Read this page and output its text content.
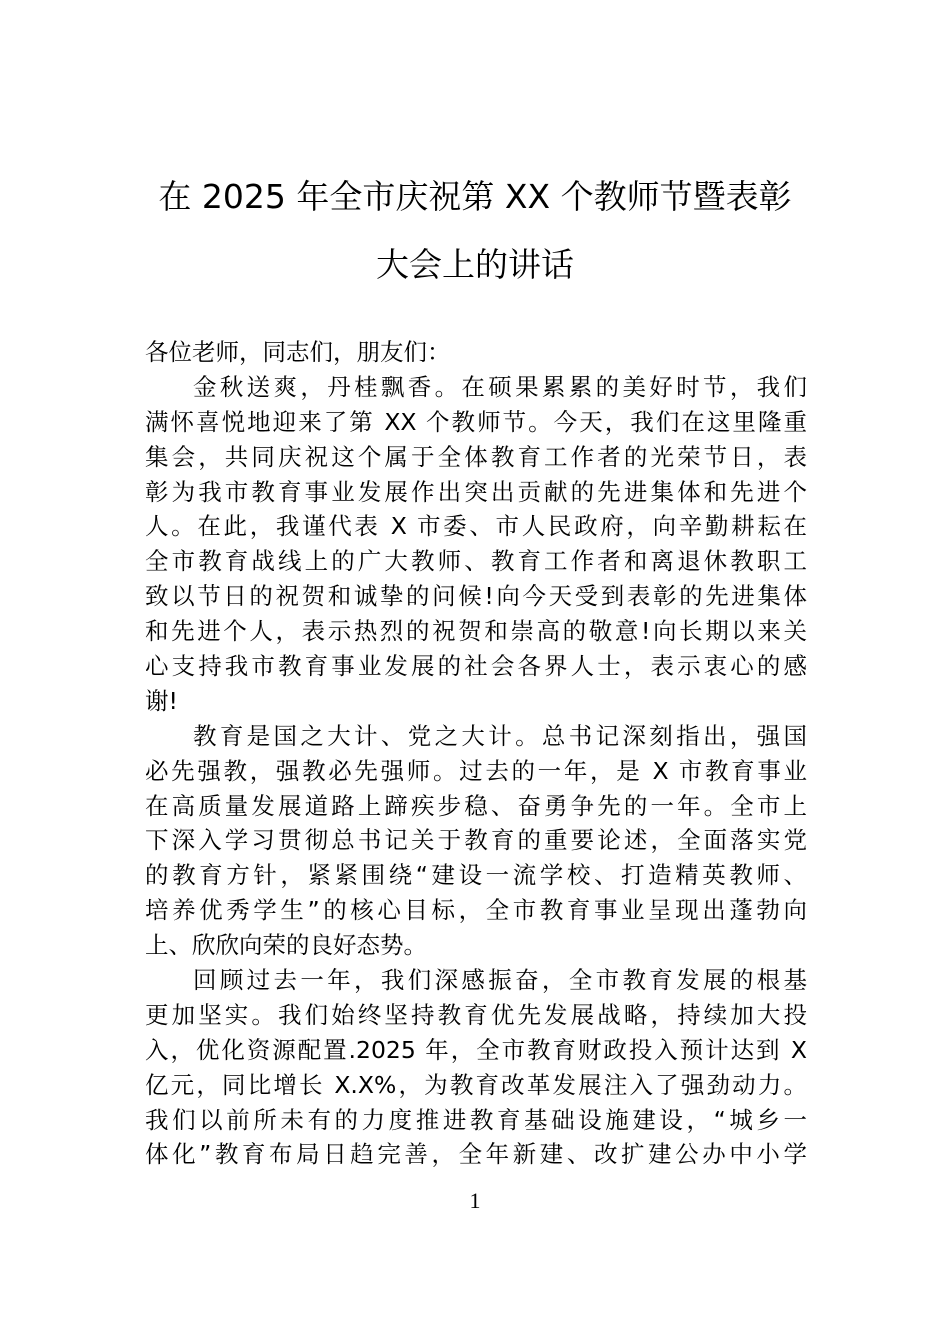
在 2025 年全市庆祝第 XX 个教师节暨表彰
大会上的讲话
各位老师，同志们，朋友们：
金秋送爽，丹桂飘香。在硕果累累的美好时节，我们
满怀喜悦地迎来了第 XX 个教师节。今天，我们在这里隆重
集会，共同庆祝这个属于全体教育工作者的光荣节日，表
彰为我市教育事业发展作出突出贡献的先进集体和先进个
人。在此，我谨代表 X 市委、市人民政府，向辛勤耕耘在
全市教育战线上的广大教师、教育工作者和离退休教职工
致以节日的祝贺和诚挚的问候!向今天受到表彰的先进集体
和先进个人，表示热烈的祝贺和崇高的敬意!向长期以来关
心支持我市教育事业发展的社会各界人士，表示衷心的感
谢!
教育是国之大计、党之大计。总书记深刻指出，强国
必先强教，强教必先强师。过去的一年，是 X 市教育事业
在高质量发展道路上蹄疾步稳、奋勇争先的一年。全市上
下深入学习贯彻总书记关于教育的重要论述，全面落实党
的教育方针，紧紧围绕“建设一流学校、打造精英教师、
培养优秀学生”的核心目标，全市教育事业呈现出蓬勃向
上、欣欣向荣的良好态势。
回顾过去一年，我们深感振奋，全市教育发展的根基
更加坚实。我们始终坚持教育优先发展战略，持续加大投
入，优化资源配置.2025 年，全市教育财政投入预计达到 X
亿元，同比增长 X.X%，为教育改革发展注入了强劲动力。
我们以前所未有的力度推进教育基础设施建设，“城乡一
体化”教育布局日趋完善，全年新建、改扩建公办中小学
1
